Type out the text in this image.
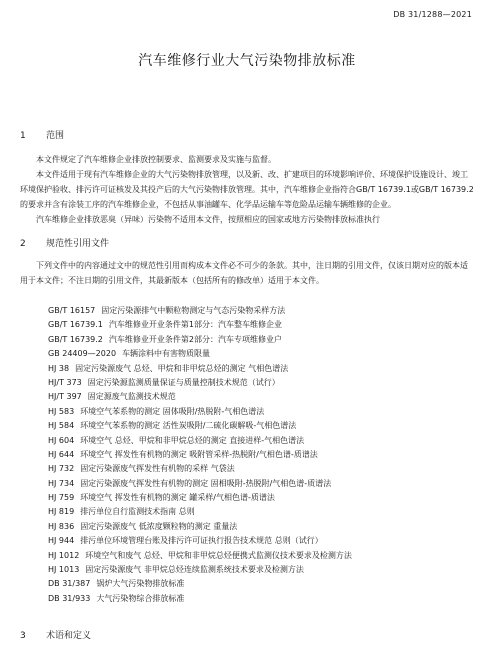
DB 31/1288—2021
汽车维修行业大气污染物排放标准
1 范围

本文件规定了汽车维修企业排放控制要求、监测要求及实施与监督。

本文件适用于现有汽车维修企业的大气污染物排放管理，以及新、改、扩建项目的环境影响评价、环境保护设施设计、竣工环境保护验收、排污许可证核发及其投产后的大气污染物排放管理。其中，汽车维修企业指符合GB/T 16739.1或GB/T 16739.2的要求并含有涂装工序的汽车维修企业，不包括从事油罐车、化学品运输车等危险品运输车辆维修的企业。

汽车维修企业排放恶臭（异味）污染物不适用本文件，按照相应的国家或地方污染物排放标准执行

2 规范性引用文件

下列文件中的内容通过文中的规范性引用而构成本文件必不可少的条款。其中，注日期的引用文件，仅该日期对应的版本适用于本文件；不注日期的引用文件，其最新版本（包括所有的修改单）适用于本文件。

GB/T 16157 固定污染源排气中颗粒物测定与气态污染物采样方法
GB/T 16739.1 汽车维修业开业条件第1部分：汽车整车维修企业
GB/T 16739.2 汽车维修业开业条件第2部分：汽车专项维修业户
GB 24409—2020 车辆涂料中有害物质限量
HJ 38 固定污染源废气 总烃、甲烷和非甲烷总烃的测定 气相色谱法
HJ/T 373 固定污染源监测质量保证与质量控制技术规范（试行）
HJ/T 397 固定源废气监测技术规范
HJ 583 环境空气苯系物的测定 固体吸附/热脱附-气相色谱法
HJ 584 环境空气苯系物的测定 活性炭吸附/二硫化碳解吸-气相色谱法
HJ 604 环境空气 总烃、甲烷和非甲烷总烃的测定 直接进样-气相色谱法
HJ 644 环境空气 挥发性有机物的测定 吸附管采样-热脱附/气相色谱-质谱法
HJ 732 固定污染源废气挥发性有机物的采样 气袋法
HJ 734 固定污染源废气挥发性有机物的测定 固相吸附-热脱附/气相色谱-质谱法
HJ 759 环境空气 挥发性有机物的测定 罐采样/气相色谱-质谱法
HJ 819 排污单位自行监测技术指南 总则
HJ 836 固定污染源废气 低浓度颗粒物的测定 重量法
HJ 944 排污单位环境管理台账及排污许可证执行报告技术规范 总则（试行）
HJ 1012 环境空气和废气 总烃、甲烷和非甲烷总烃便携式监测仪技术要求及检测方法
HJ 1013 固定污染源废气 非甲烷总烃连续监测系统技术要求及检测方法
DB 31/387 锅炉大气污染物排放标准
DB 31/933 大气污染物综合排放标准
3 术语和定义
